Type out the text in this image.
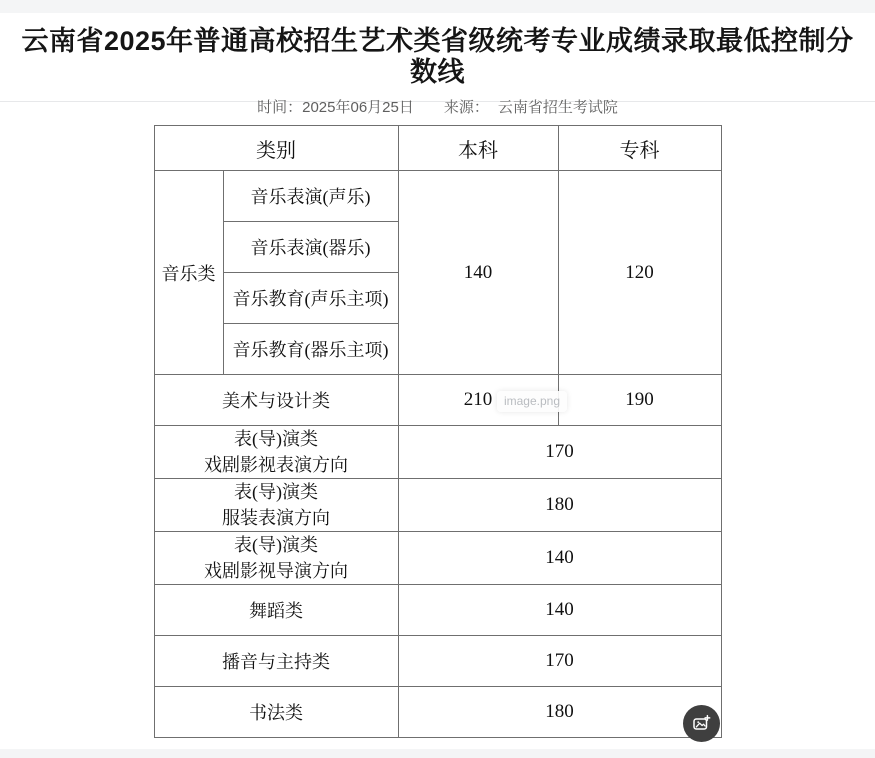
云南省2025年普通高校招生艺术类省级统考专业成绩录取最低控制分数线
时间：2025年06月25日 来源： 云南省招生考试院
类别		本科	专科
音乐类	音乐表演(声乐)	140	120
	音乐表演(器乐)		
	音乐教育(声乐主项)		
	音乐教育(器乐主项)		
美术与设计类		210	190

表(导)演类
戏剧影视表演方向		170	

表(导)演类
服装表演方向		180	

表(导)演类
戏剧影视导演方向		140	
舞蹈类		140	
播音与主持类		170	
书法类		180	
image.png
